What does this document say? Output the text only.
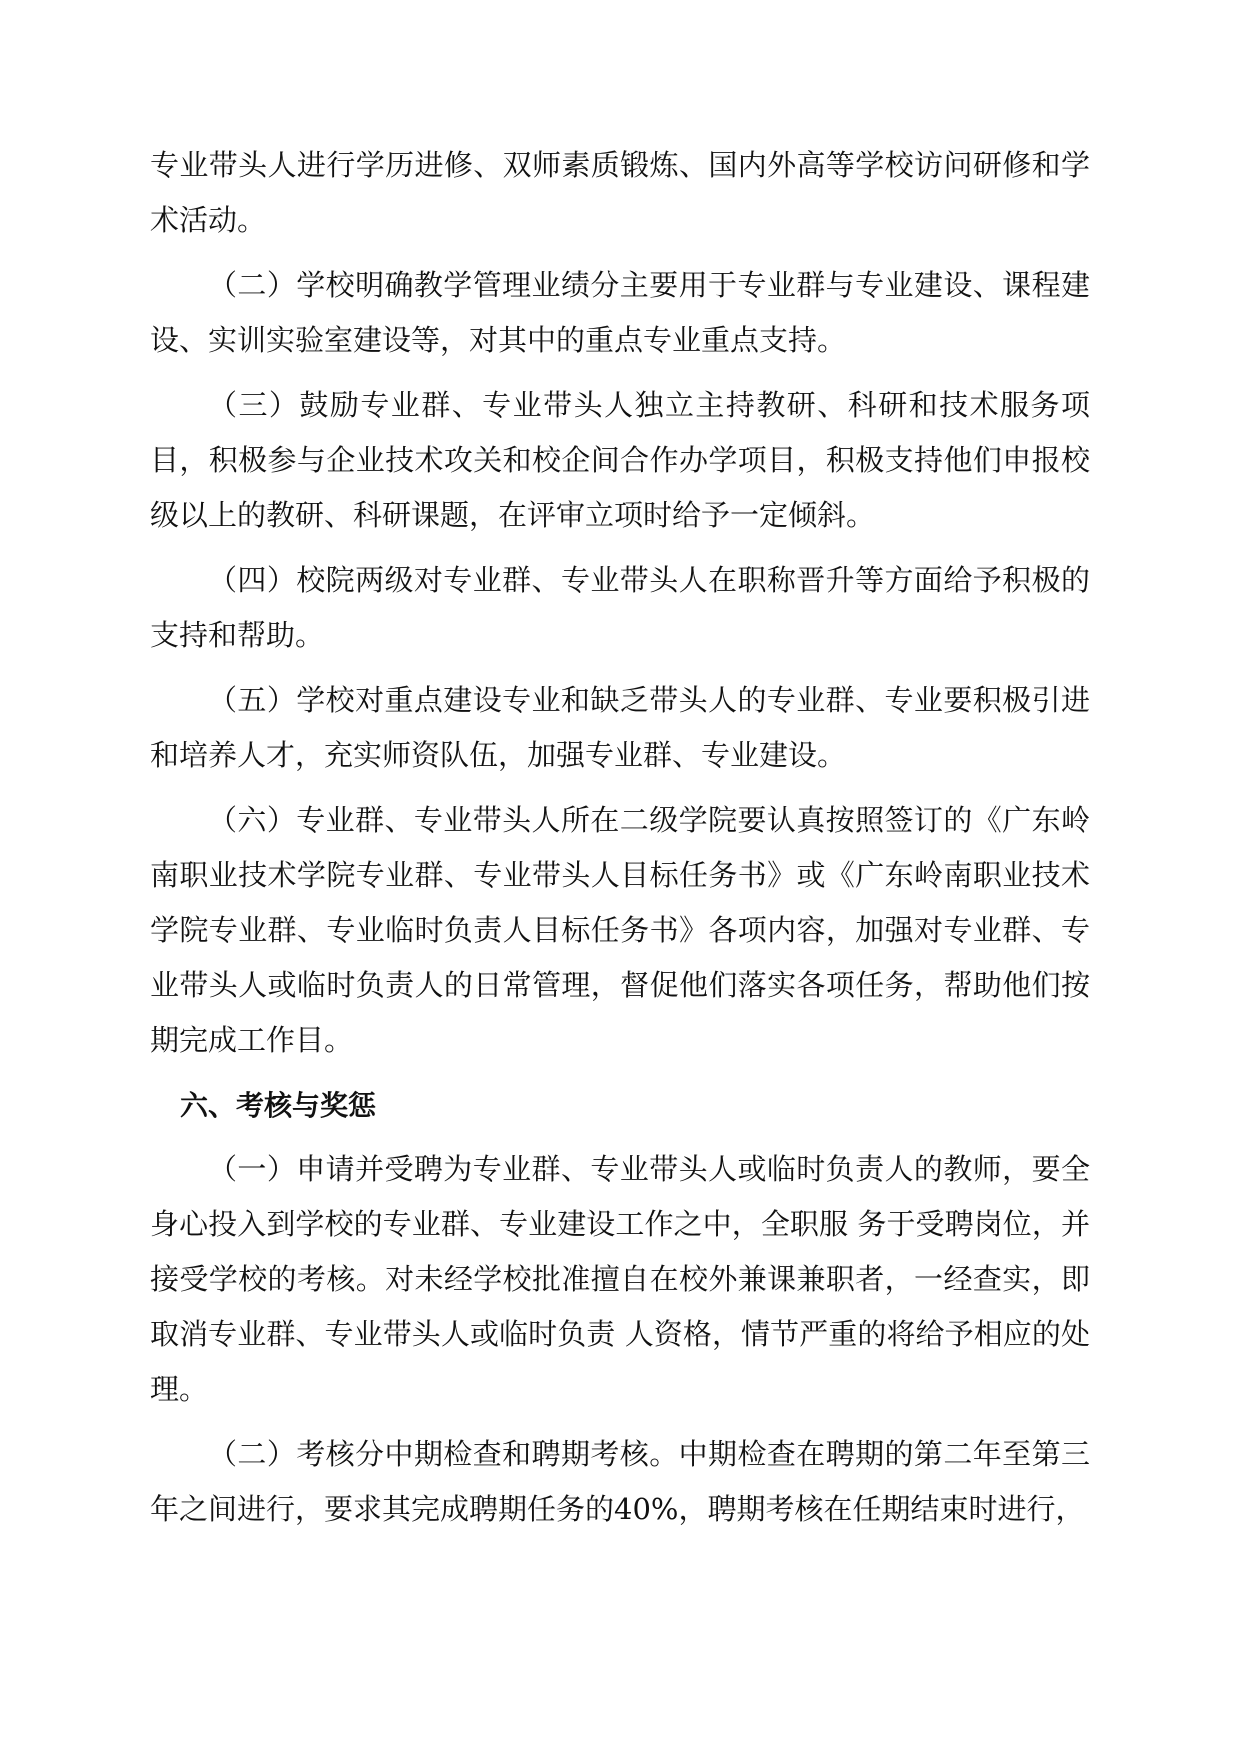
专业带头人进行学历进修、双师素质锻炼、国内外高等学校访问研修和学术活动。

（二）学校明确教学管理业绩分主要用于专业群与专业建设、课程建设、实训实验室建设等，对其中的重点专业重点支持。

（三）鼓励专业群、专业带头人独立主持教研、科研和技术服务项目，积极参与企业技术攻关和校企间合作办学项目，积极支持他们申报校级以上的教研、科研课题，在评审立项时给予一定倾斜。

（四）校院两级对专业群、专业带头人在职称晋升等方面给予积极的支持和帮助。

（五）学校对重点建设专业和缺乏带头人的专业群、专业要积极引进和培养人才，充实师资队伍，加强专业群、专业建设。

（六）专业群、专业带头人所在二级学院要认真按照签订的《广东岭南职业技术学院专业群、专业带头人目标任务书》或《广东岭南职业技术学院专业群、专业临时负责人目标任务书》各项内容，加强对专业群、专业带头人或临时负责人的日常管理，督促他们落实各项任务，帮助他们按期完成工作目。

六、考核与奖惩

（一）申请并受聘为专业群、专业带头人或临时负责人的教师，要全身心投入到学校的专业群、专业建设工作之中，全职服 务于受聘岗位，并接受学校的考核。对未经学校批准擅自在校外兼课兼职者，一经查实，即取消专业群、专业带头人或临时负责 人资格，情节严重的将给予相应的处理。

（二）考核分中期检查和聘期考核。中期检查在聘期的第二年至第三年之间进行，要求其完成聘期任务的40%，聘期考核在任期结束时进行，
